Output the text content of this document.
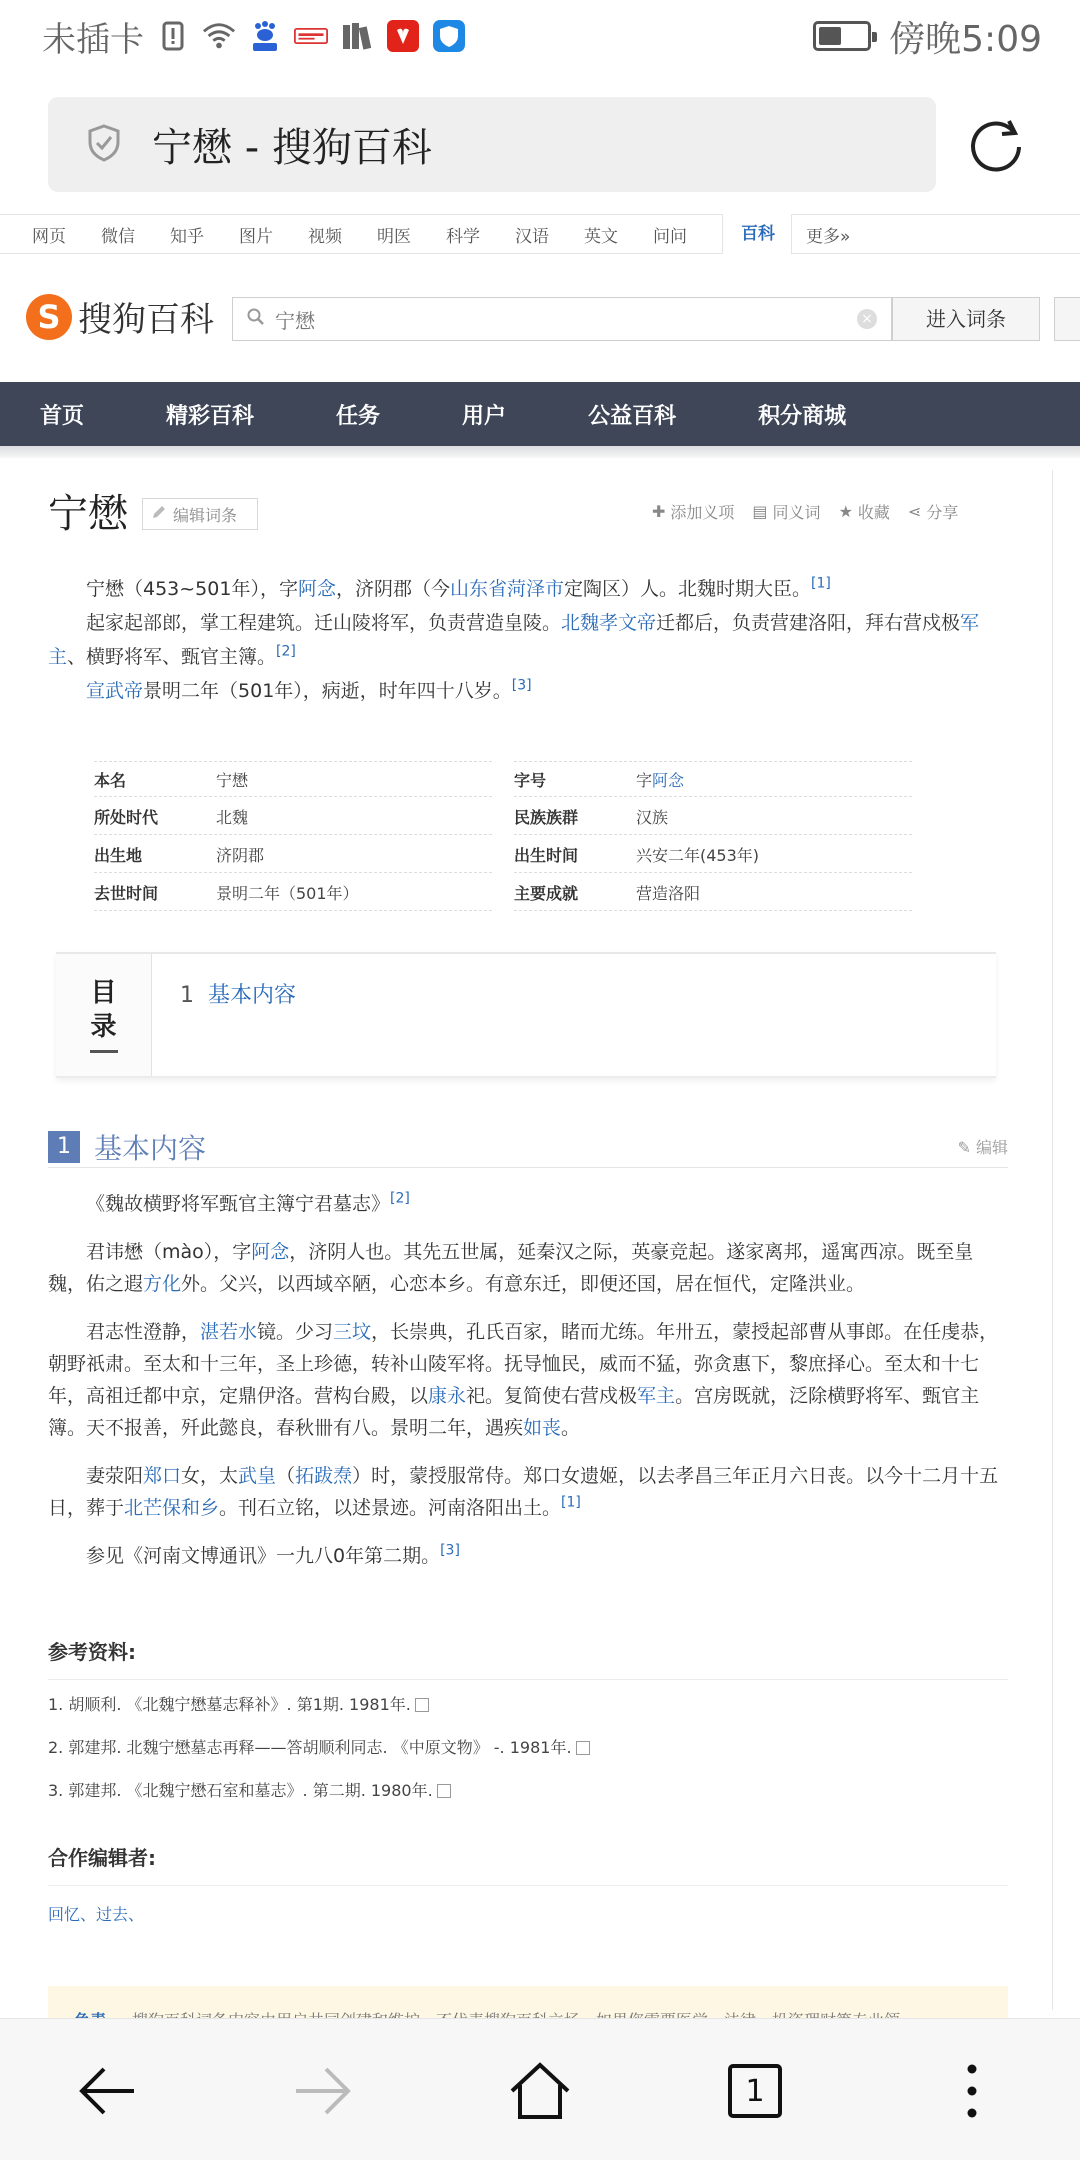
未插卡	傍晚5:09
宁懋 - 搜狗百科
网页	微信	知乎	图片	视频	明医	科学	汉语	英文	问问	百科	更多»
S 搜狗百科	宁懋	×	进入词条
首页	精彩百科	任务	用户	公益百科	积分商城
宁懋	编辑词条	✚ 添加义项 ▤ 同义词 ★ 收藏 ⋖ 分享

宁懋（453~501年），字阿念，济阴郡（今山东省菏泽市定陶区）人。北魏时期大臣。[1]

起家起部郎，掌工程建筑。迁山陵将军，负责营造皇陵。北魏孝文帝迁都后，负责营建洛阳，拜右营戍极军主、横野将军、甄官主簿。[2]

宣武帝景明二年（501年），病逝，时年四十八岁。[3]

本名	宁懋	字号	字阿念
所处时代	北魏	民族族群	汉族
出生地	济阴郡	出生时间	兴安二年(453年)
去世时间	景明二年（501年）	主要成就	营造洛阳
目
录
1 基本内容
1 基本内容	✎ 编辑

《魏故横野将军甄官主簿宁君墓志》[2]

君讳懋（mào），字阿念，济阴人也。其先五世属，延秦汉之际，英豪竞起。遂家离邦，遥寓西凉。既至皇魏，佑之遐方化外。父兴，以西域卒陋，心恋本乡。有意东迁，即便还国，居在恒代，定隆洪业。

君志性澄静，湛若水镜。少习三坟，长崇典，孔氏百家，睹而尤练。年卅五，蒙授起部曹从事郎。在任虔恭，朝野祇肃。至太和十三年，圣上珍德，转补山陵军将。抚导恤民，威而不猛，弥贪惠下，黎庶择心。至太和十七年，高祖迁都中京，定鼎伊洛。营构台殿，以康永祀。复简使右营戍极军主。宫房既就，泛除横野将军、甄官主簿。天不报善，歼此懿良，春秋卌有八。景明二年，遇疾如丧。

妻荥阳郑口女，太武皇（拓跋焘）时，蒙授服常侍。郑口女遗姬，以去孝昌三年正月六日丧。以今十二月十五日，葬于北芒保和乡。刊石立铭，以述景迹。河南洛阳出土。[1]

参见《河南文博通讯》一九八0年第二期。[3]

参考资料:
1. 胡顺利. 《北魏宁懋墓志释补》. 第1期. 1981年.
2. 郭建邦. 北魏宁懋墓志再释——答胡顺利同志. 《中原文物》 -. 1981年.
3. 郭建邦. 《北魏宁懋石室和墓志》. 第二期. 1980年.
合作编辑者:
回忆、过去、
1
